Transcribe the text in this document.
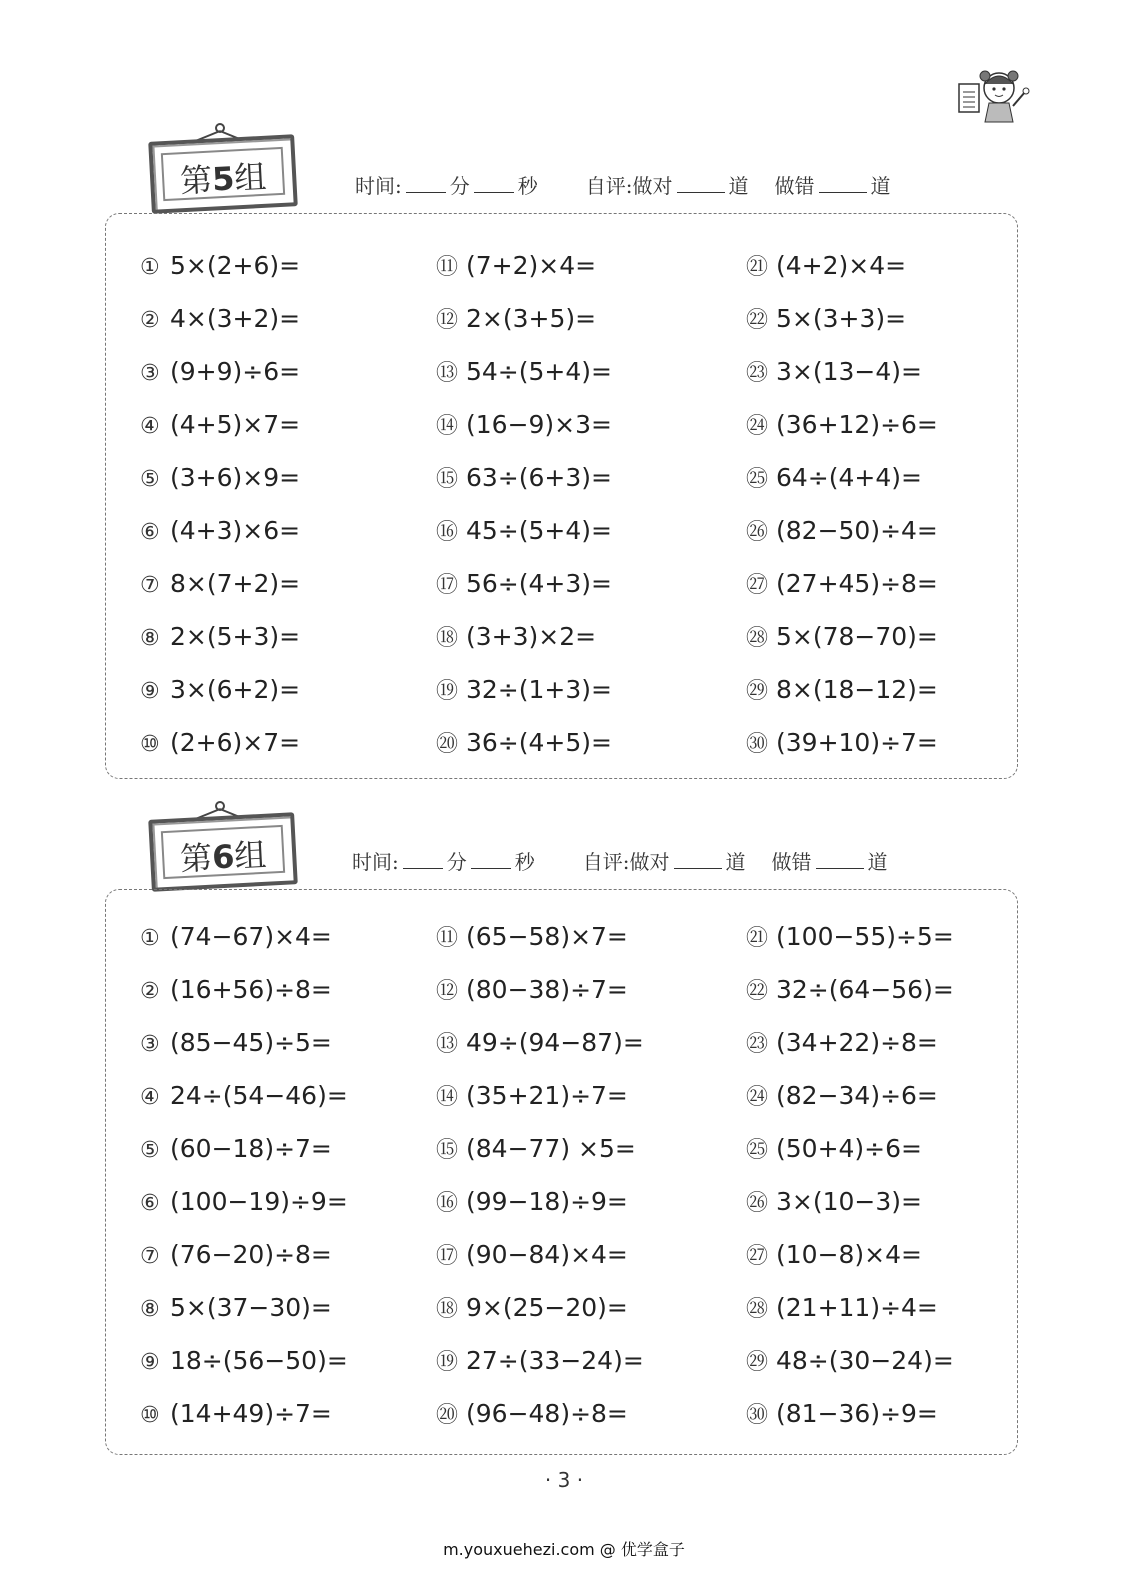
第5组	时间: 分 秒 自评:做对	道 做错	道
① 5×(2+6)=	⑪ (7+2)×4=	㉑ (4+2)×4=
② 4×(3+2)=	⑫ 2×(3+5)=	㉒ 5×(3+3)=
③ (9+9)÷6=	⑬ 54÷(5+4)=	㉓ 3×(13−4)=
④ (4+5)×7=	⑭ (16−9)×3=	㉔ (36+12)÷6=
⑤ (3+6)×9=	⑮ 63÷(6+3)=	㉕ 64÷(4+4)=
⑥ (4+3)×6=	⑯ 45÷(5+4)=	㉖ (82−50)÷4=
⑦ 8×(7+2)=	⑰ 56÷(4+3)=	㉗ (27+45)÷8=
⑧ 2×(5+3)=	⑱ (3+3)×2=	㉘ 5×(78−70)=
⑨ 3×(6+2)=	⑲ 32÷(1+3)=	㉙ 8×(18−12)=
⑩ (2+6)×7=	⑳ 36÷(4+5)=	㉚ (39+10)÷7=
第6组	时间: 分 秒 自评:做对	道 做错	道
① (74−67)×4=	⑪ (65−58)×7=	㉑ (100−55)÷5=
② (16+56)÷8=	⑫ (80−38)÷7=	㉒ 32÷(64−56)=
③ (85−45)÷5=	⑬ 49÷(94−87)=	㉓ (34+22)÷8=
④ 24÷(54−46)=	⑭ (35+21)÷7=	㉔ (82−34)÷6=
⑤ (60−18)÷7=	⑮ (84−77) ×5=	㉕ (50+4)÷6=
⑥ (100−19)÷9=	⑯ (99−18)÷9=	㉖ 3×(10−3)=
⑦ (76−20)÷8=	⑰ (90−84)×4=	㉗ (10−8)×4=
⑧ 5×(37−30)=	⑱ 9×(25−20)=	㉘ (21+11)÷4=
⑨ 18÷(56−50)=	⑲ 27÷(33−24)=	㉙ 48÷(30−24)=
⑩ (14+49)÷7=	⑳ (96−48)÷8=	㉚ (81−36)÷9=
· 3 ·
m.youxuehezi.com @ 优学盒子
